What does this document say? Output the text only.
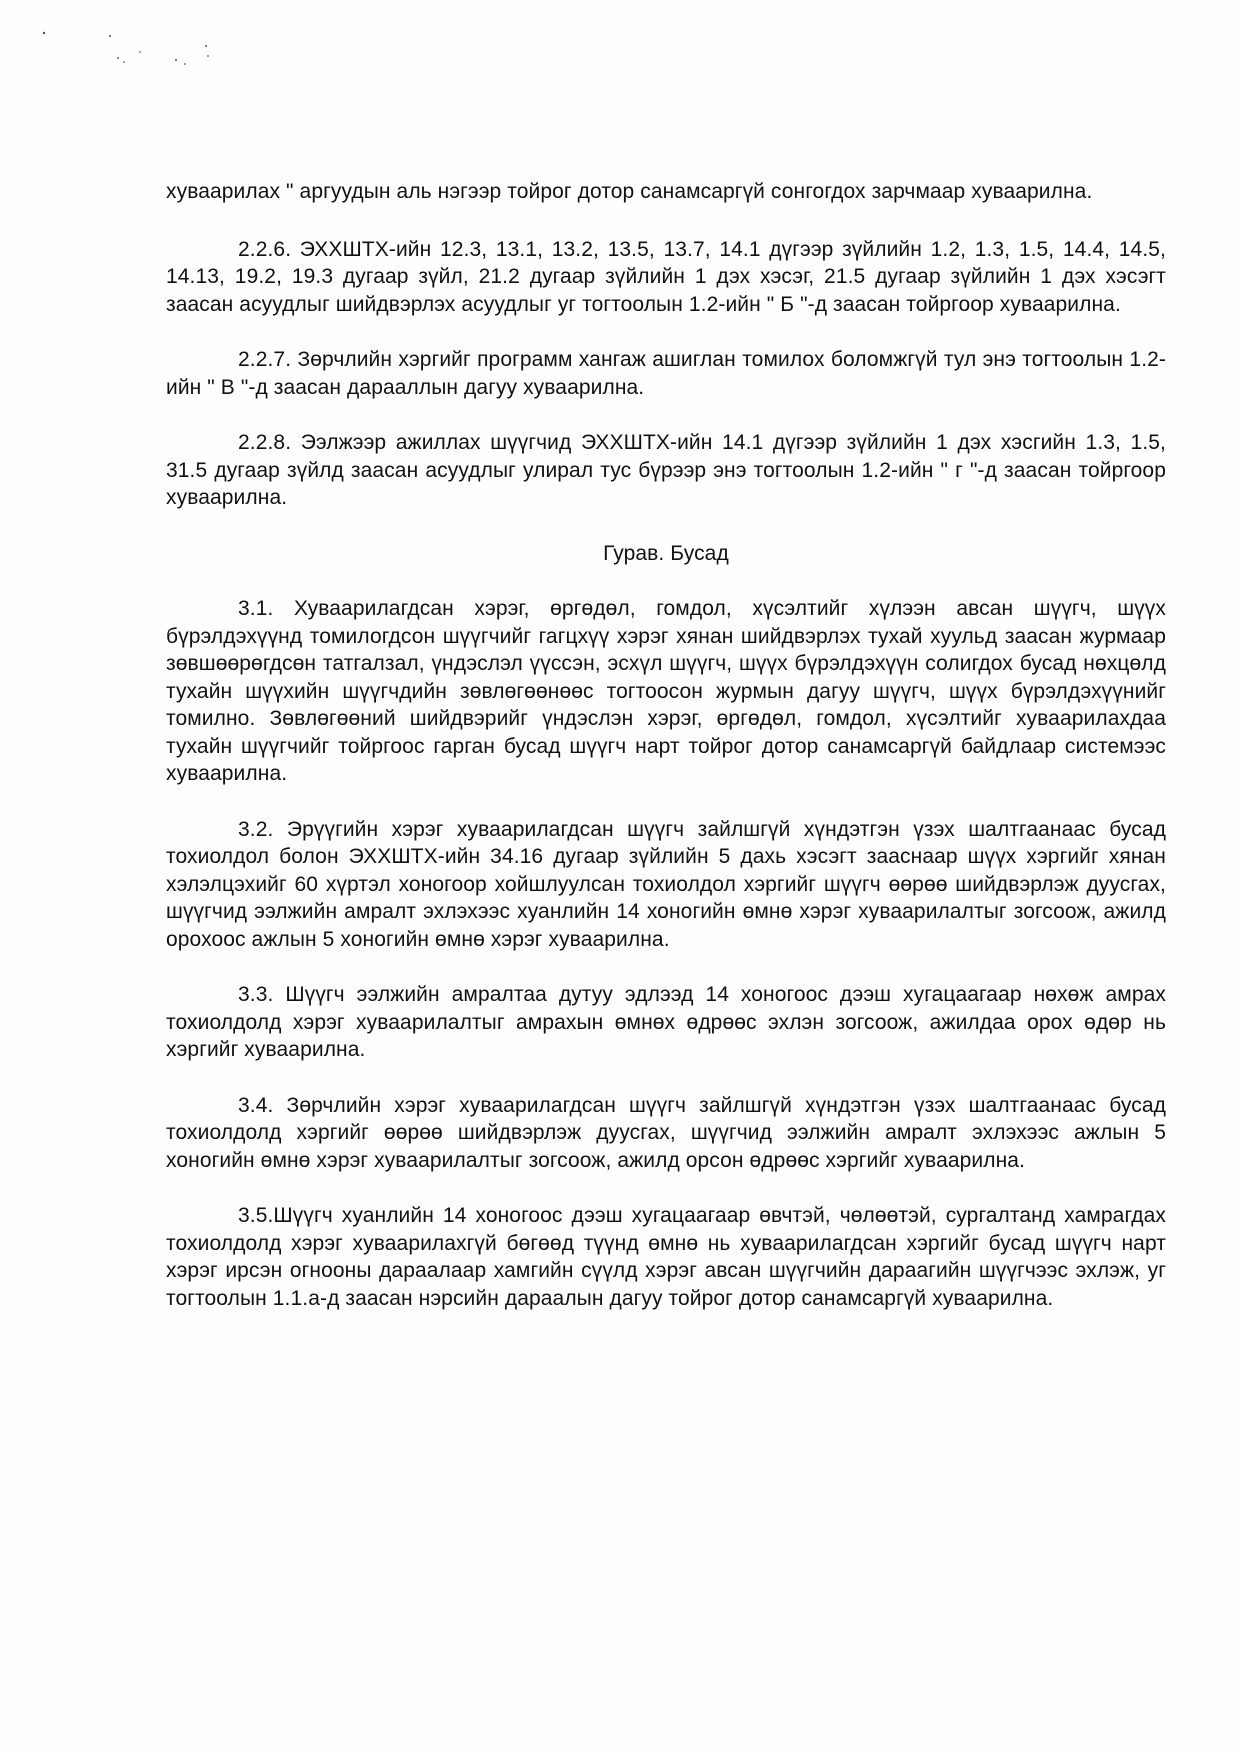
хуваарилах " аргуудын аль нэгээр тойрог дотор санамсаргүй сонгогдох зарчмаар хуваарилна.

2.2.6. ЭХХШТХ-ийн 12.3, 13.1, 13.2, 13.5, 13.7, 14.1 дүгээр зүйлийн 1.2, 1.3, 1.5, 14.4, 14.5, 14.13, 19.2, 19.3 дугаар зүйл, 21.2 дугаар зүйлийн 1 дэх хэсэг, 21.5 дугаар зүйлийн 1 дэх хэсэгт заасан асуудлыг шийдвэрлэх асуудлыг уг тогтоолын 1.2-ийн " Б "-д заасан тойргоор хуваарилна.

2.2.7. Зөрчлийн хэргийг программ хангаж ашиглан томилох боломжгүй тул энэ тогтоолын 1.2-ийн " В "-д заасан дарааллын дагуу хуваарилна.

2.2.8. Ээлжээр ажиллах шүүгчид ЭХХШТХ-ийн 14.1 дүгээр зүйлийн 1 дэх хэсгийн 1.3, 1.5, 31.5 дугаар зүйлд заасан асуудлыг улирал тус бүрээр энэ тогтоолын 1.2-ийн " г "-д заасан тойргоор хуваарилна.

Гурав. Бусад

3.1. Хуваарилагдсан хэрэг, өргөдөл, гомдол, хүсэлтийг хүлээн авсан шүүгч, шүүх бүрэлдэхүүнд томилогдсон шүүгчийг гагцхүү хэрэг хянан шийдвэрлэх тухай хуульд заасан журмаар зөвшөөрөгдсөн татгалзал, үндэслэл үүссэн, эсхүл шүүгч, шүүх бүрэлдэхүүн солигдох бусад нөхцөлд тухайн шүүхийн шүүгчдийн зөвлөгөөнөөс тогтоосон журмын дагуу шүүгч, шүүх бүрэлдэхүүнийг томилно. Зөвлөгөөний шийдвэрийг үндэслэн хэрэг, өргөдөл, гомдол, хүсэлтийг хуваарилахдаа тухайн шүүгчийг тойргоос гарган бусад шүүгч нарт тойрог дотор санамсаргүй байдлаар системээс хуваарилна.

3.2. Эрүүгийн хэрэг хуваарилагдсан шүүгч зайлшгүй хүндэтгэн үзэх шалтгаанаас бусад тохиолдол болон ЭХХШТХ-ийн 34.16 дугаар зүйлийн 5 дахь хэсэгт зааснаар шүүх хэргийг хянан хэлэлцэхийг 60 хүртэл хоногоор хойшлуулсан тохиолдол хэргийг шүүгч өөрөө шийдвэрлэж дуусгах, шүүгчид ээлжийн амралт эхлэхээс хуанлийн 14 хоногийн өмнө хэрэг хуваарилалтыг зогсоож, ажилд орохоос ажлын 5 хоногийн өмнө хэрэг хуваарилна.

3.3. Шүүгч ээлжийн амралтаа дутуу эдлээд 14 хоногоос дээш хугацаагаар нөхөж амрах тохиолдолд хэрэг хуваарилалтыг амрахын өмнөх өдрөөс эхлэн зогсоож, ажилдаа орох өдөр нь хэргийг хуваарилна.

3.4. Зөрчлийн хэрэг хуваарилагдсан шүүгч зайлшгүй хүндэтгэн үзэх шалтгаанаас бусад тохиолдолд хэргийг өөрөө шийдвэрлэж дуусгах, шүүгчид ээлжийн амралт эхлэхээс ажлын 5 хоногийн өмнө хэрэг хуваарилалтыг зогсоож, ажилд орсон өдрөөс хэргийг хуваарилна.

3.5.Шүүгч хуанлийн 14 хоногоос дээш хугацаагаар өвчтэй, чөлөөтэй, сургалтанд хамрагдах тохиолдолд хэрэг хуваарилахгүй бөгөөд түүнд өмнө нь хуваарилагдсан хэргийг бусад шүүгч нарт хэрэг ирсэн огнооны дараалаар хамгийн сүүлд хэрэг авсан шүүгчийн дараагийн шүүгчээс эхлэж, уг тогтоолын 1.1.а-д заасан нэрсийн дараалын дагуу тойрог дотор санамсаргүй хуваарилна.
